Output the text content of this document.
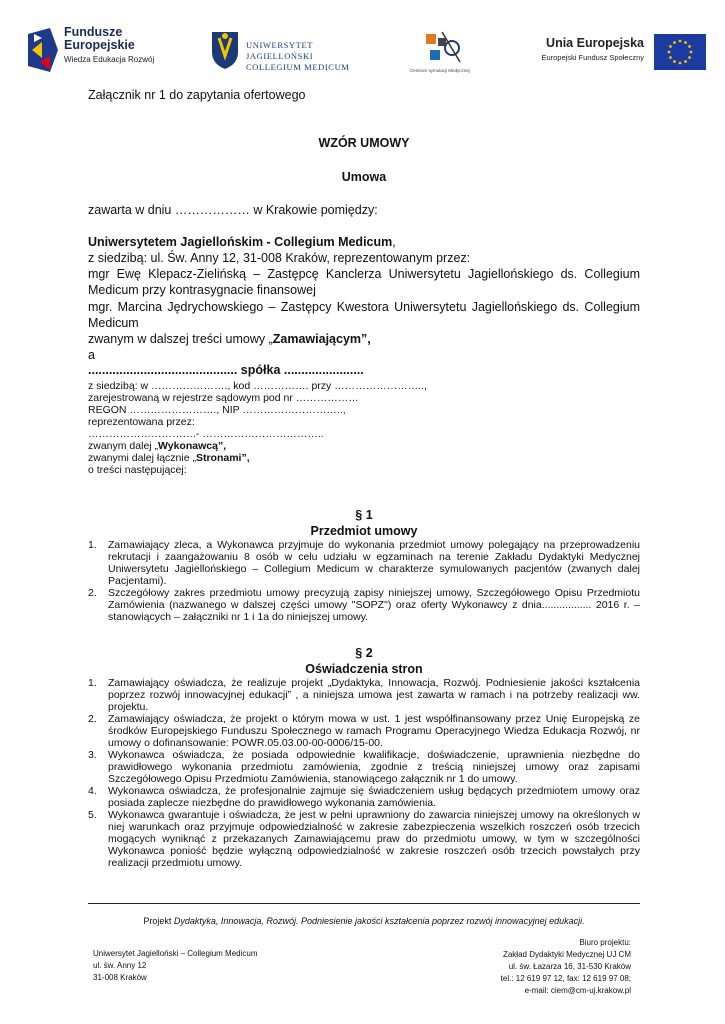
Fundusze
Europejskie
Wiedza Edukacja Rozwój
UNIWERSYTET JAGIELLOŃSKI
COLLEGIUM MEDICUM	Centrum symulacji Medycznej
Unia Europejska
Europejski Fundusz Społeczny
Załącznik nr 1 do zapytania ofertowego
WZÓR UMOWY
Umowa
zawarta w dniu ……………… w Krakowie pomiędzy:
Uniwersytetem Jagiellońskim - Collegium Medicum,
z siedzibą: ul. Św. Anny 12, 31-008 Kraków, reprezentowanym przez:
mgr Ewę Klepacz-Zielińską – Zastępcę Kanclerza Uniwersytetu Jagiellońskiego ds. Collegium Medicum przy kontrasygnacie finansowej
mgr. Marcina Jędrychowskiego – Zastępcy Kwestora Uniwersytetu Jagiellońskiego ds. Collegium Medicum
zwanym w dalszej treści umowy „Zamawiającym”,
a
........................................... spółka .......................
z siedzibą: w …………………., kod ……………. przy ……………………..,
zarejestrowaną w rejestrze sądowym pod nr ………………
REGON ……………………., NIP ………………………..,
reprezentowana przez:
………………………….- ……………………………..
zwanym dalej „Wykonawcą”,
zwanymi dalej łącznie „Stronami”,
o treści następującej:
§ 1
Przedmiot umowy
1. Zamawiający zleca, a Wykonawca przyjmuje do wykonania przedmiot umowy polegający na przeprowadzeniu rekrutacji i zaangażowaniu 8 osób w celu udziału w egzaminach na terenie Zakładu Dydaktyki Medycznej Uniwersytetu Jagiellońskiego – Collegium Medicum w charakterze symulowanych pacjentów (zwanych dalej Pacjentami).
2. Szczegółowy zakres przedmiotu umowy precyzują zapisy niniejszej umowy, Szczegółowego Opisu Przedmiotu Zamówienia (nazwanego w dalszej części umowy "SOPZ") oraz oferty Wykonawcy z dnia................. 2016 r. – stanowiących – załączniki nr 1 i 1a do niniejszej umowy.
§ 2
Oświadczenia stron
1. Zamawiający oświadcza, że realizuje projekt „Dydaktyka, Innowacja, Rozwój. Podniesienie jakości kształcenia poprzez rozwój innowacyjnej edukacji” , a niniejsza umowa jest zawarta w ramach i na potrzeby realizacji ww. projektu.
2. Zamawiający oświadcza, że projekt o którym mowa w ust. 1 jest współfinansowany przez Unię Europejską ze środków Europejskiego Funduszu Społecznego w ramach Programu Operacyjnego Wiedza Edukacja Rozwój, nr umowy o dofinansowanie: POWR.05.03.00-00-0006/15-00.
3. Wykonawca oświadcza, że posiada odpowiednie kwalifikacje, doświadczenie, uprawnienia niezbędne do prawidłowego wykonania przedmiotu zamówienia, zgodnie z treścią niniejszej umowy oraz zapisami Szczegółowego Opisu Przedmiotu Zamówienia, stanowiącego załącznik nr 1 do umowy.
4. Wykonawca oświadcza, że profesjonalnie zajmuje się świadczeniem usług będących przedmiotem umowy oraz posiada zaplecze niezbędne do prawidłowego wykonania zamówienia.
5. Wykonawca gwarantuje i oświadcza, że jest w pełni uprawniony do zawarcia niniejszej umowy na określonych w niej warunkach oraz przyjmuje odpowiedzialność w zakresie zabezpieczenia wszelkich roszczeń osób trzecich mogących wyniknąć z przekazanych Zamawiającemu praw do przedmiotu umowy, w tym w szczególności Wykonawca poniość będzie wyłączną odpowiedzialność w zakresie roszczeń osób trzecich powstałych przy realizacji przedmiotu umowy.
Projekt Dydaktyka, Innowacja, Rozwój. Podniesienie jakości kształcenia poprzez rozwój innowacyjnej edukacji.
Uniwersytet Jagielloński – Collegium Medicum
ul. św. Anny 12
31-008 Kraków
Biuro projektu:
Zakład Dydaktyki Medycznej UJ CM
ul. św. Łazarza 16, 31-530 Kraków
tel.: 12 619 97 12, fax: 12 619 97 08;
e-mail: ciem@cm-uj.krakow.pl
